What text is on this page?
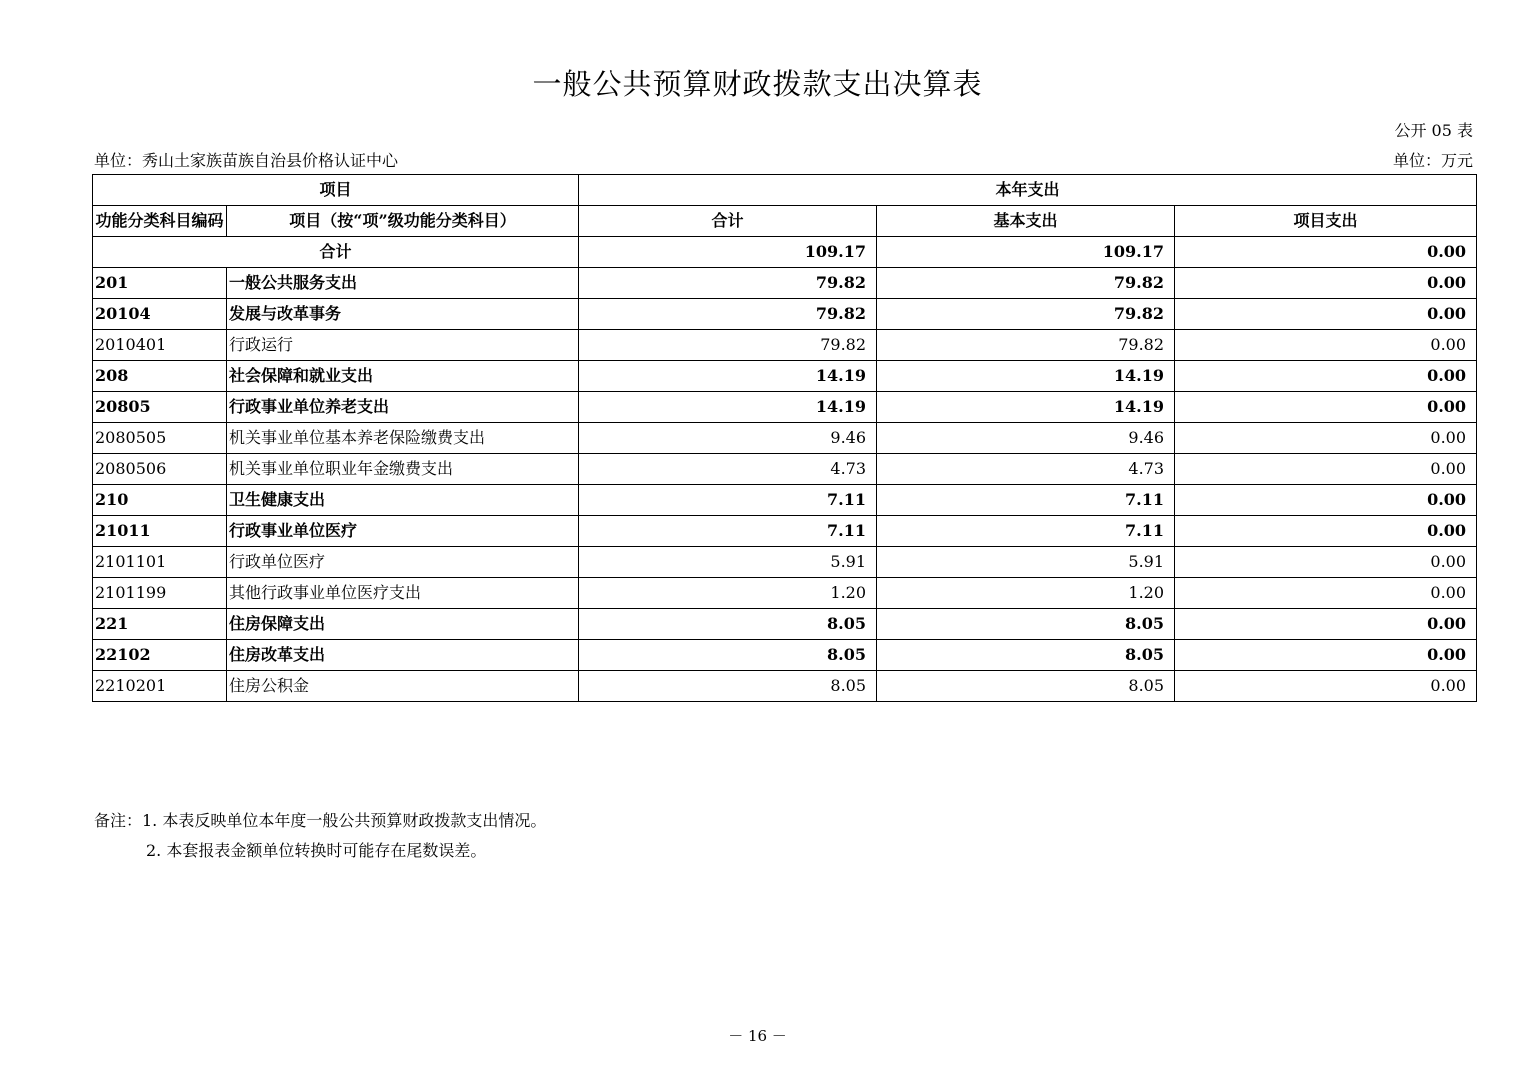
一般公共预算财政拨款支出决算表
公开 05 表
单位：秀山土家族苗族自治县价格认证中心	单位：万元
项目		本年支出		
功能分类科目编码	项目（按“项”级功能分类科目）	合计	基本支出	项目支出
合计		109.17	109.17	0.00
201	一般公共服务支出	79.82	79.82	0.00
20104	发展与改革事务	79.82	79.82	0.00
2010401	行政运行	79.82	79.82	0.00
208	社会保障和就业支出	14.19	14.19	0.00
20805	行政事业单位养老支出	14.19	14.19	0.00
2080505	机关事业单位基本养老保险缴费支出	9.46	9.46	0.00
2080506	机关事业单位职业年金缴费支出	4.73	4.73	0.00
210	卫生健康支出	7.11	7.11	0.00
21011	行政事业单位医疗	7.11	7.11	0.00
2101101	行政单位医疗	5.91	5.91	0.00
2101199	其他行政事业单位医疗支出	1.20	1.20	0.00
221	住房保障支出	8.05	8.05	0.00
22102	住房改革支出	8.05	8.05	0.00
2210201	住房公积金	8.05	8.05	0.00
备注：1. 本表反映单位本年度一般公共预算财政拨款支出情况。
2. 本套报表金额单位转换时可能存在尾数误差。
－ 16 －
